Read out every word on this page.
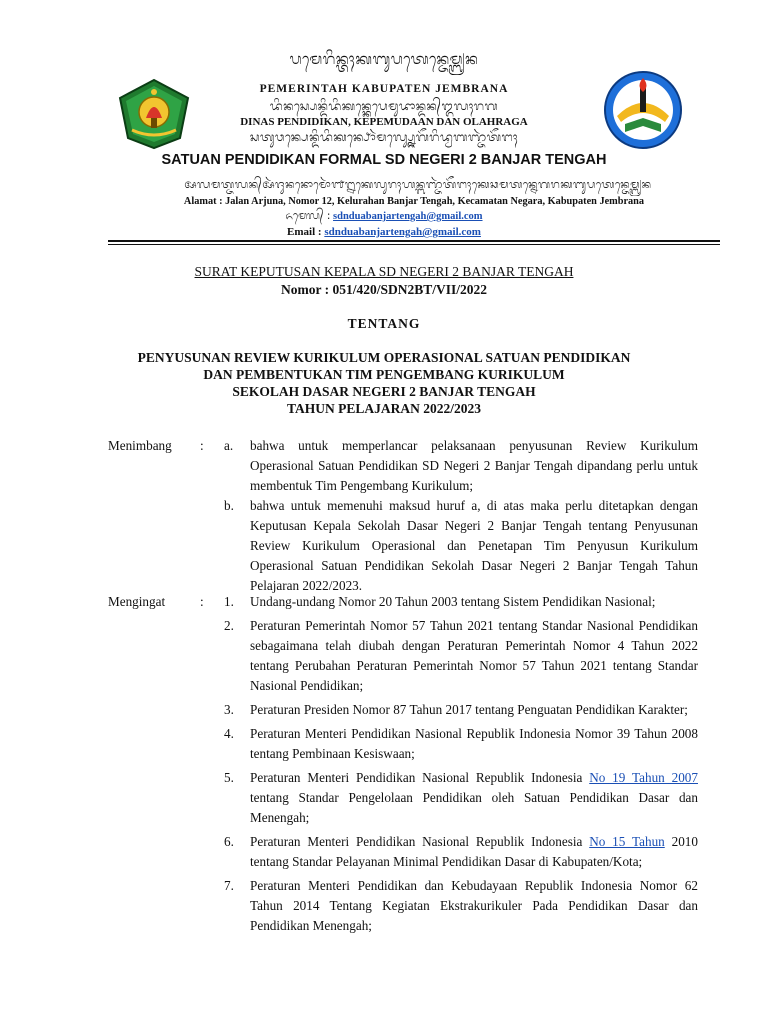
ᬧᬫᬾᬭᬶᬦ᭄ᬢᬄᬓᬩᬸᬧᬢᬾᬦ᭄ᬚᬾᬫ᭄ᬩ᭄ᬭᬦ
PEMERINTAH KABUPATEN JEMBRANA
ᬤᬶᬦᬲ᭄ᬧᬾᬦ᭄ᬤᬶᬤᬶᬓᬦ᭄ᬓᬾᬧᬾᬫᬸᬤᬵᬦ᭄ᬤᬦ᭄ᬑᬮᬄᬭᬕ
DINAS PENDIDIKAN, KEPEMUDAAN DAN OLAHRAGA
ᬲᬢᬸᬯᬦ᭄ᬧᬾᬦ᭄ᬤᬶᬤᬶᬓᬦ᭄ᬨᭀᬃᬫᬮ᭄ᬲ᭄ᬤ᭄ᬦᬾᬕᭂᬭᬶᬤ᭄ᬯᬩᬜ᭄ᬚᬃᬢᭂᬗᬄ
SATUAN PENDIDIKAN FORMAL SD NEGERI 2 BANJAR TENGAH
ᬅᬮᬫᬢ᭄ᬚᬮᬦ᭄ᬅᬃᬚᬸᬦᬦᭀᬫᭀᬃ᭑᭒ᬓᬾᬮᬸᬭᬄᬳᬦ᭄ᬩᬜ᭄ᬚᬃᬢᭂᬗᬄᬓᬾᬘᬫᬢᬦ᭄ᬦᬾᬕᬭᬓᬩᬸᬧᬢᬾᬦ᭄ᬚᬾᬫ᭄ᬩ᭄ᬭᬦ
Alamat : Jalan Arjuna, Nomor 12, Kelurahan Banjar Tengah, Kecamatan Negara, Kabupaten Jembrana
ᬏᬫᬾᬮ᭄ : sdnduabanjartengah@gmail.com
Email : sdnduabanjartengah@gmail.com
SURAT KEPUTUSAN KEPALA SD NEGERI 2 BANJAR TENGAH
Nomor : 051/420/SDN2BT/VII/2022
TENTANG
PENYUSUNAN REVIEW KURIKULUM OPERASIONAL SATUAN PENDIDIKAN
DAN PEMBENTUKAN TIM PENGEMBANG KURIKULUM
SEKOLAH DASAR NEGERI 2 BANJAR TENGAH
TAHUN PELAJARAN 2022/2023
Menimbang : a. bahwa untuk memperlancar pelaksanaan penyusunan Review Kurikulum Operasional Satuan Pendidikan SD Negeri 2 Banjar Tengah dipandang perlu untuk membentuk Tim Pengembang Kurikulum;
b. bahwa untuk memenuhi maksud huruf a, di atas maka perlu ditetapkan dengan Keputusan Kepala Sekolah Dasar Negeri 2 Banjar Tengah tentang Penyusunan Review Kurikulum Operasional dan Penetapan Tim Penyusun Kurikulum Operasional Satuan Pendidikan Sekolah Dasar Negeri 2 Banjar Tengah Tahun Pelajaran 2022/2023.
Mengingat	: 1. Undang-undang Nomor 20 Tahun 2003 tentang Sistem Pendidikan Nasional;
2. Peraturan Pemerintah Nomor 57 Tahun 2021 tentang Standar Nasional Pendidikan sebagaimana telah diubah dengan Peraturan Pemerintah Nomor 4 Tahun 2022 tentang Perubahan Peraturan Pemerintah Nomor 57 Tahun 2021 tentang Standar Nasional Pendidikan;
3. Peraturan Presiden Nomor 87 Tahun 2017 tentang Penguatan Pendidikan Karakter;
4. Peraturan Menteri Pendidikan Nasional Republik Indonesia Nomor 39 Tahun 2008 tentang Pembinaan Kesiswaan;
5. Peraturan Menteri Pendidikan Nasional Republik Indonesia No 19 Tahun 2007 tentang Standar Pengelolaan Pendidikan oleh Satuan Pendidikan Dasar dan Menengah;
6. Peraturan Menteri Pendidikan Nasional Republik Indonesia No 15 Tahun 2010 tentang Standar Pelayanan Minimal Pendidikan Dasar di Kabupaten/Kota;
7. Peraturan Menteri Pendidikan dan Kebudayaan Republik Indonesia Nomor 62 Tahun 2014 Tentang Kegiatan Ekstrakurikuler Pada Pendidikan Dasar dan Pendidikan Menengah;
